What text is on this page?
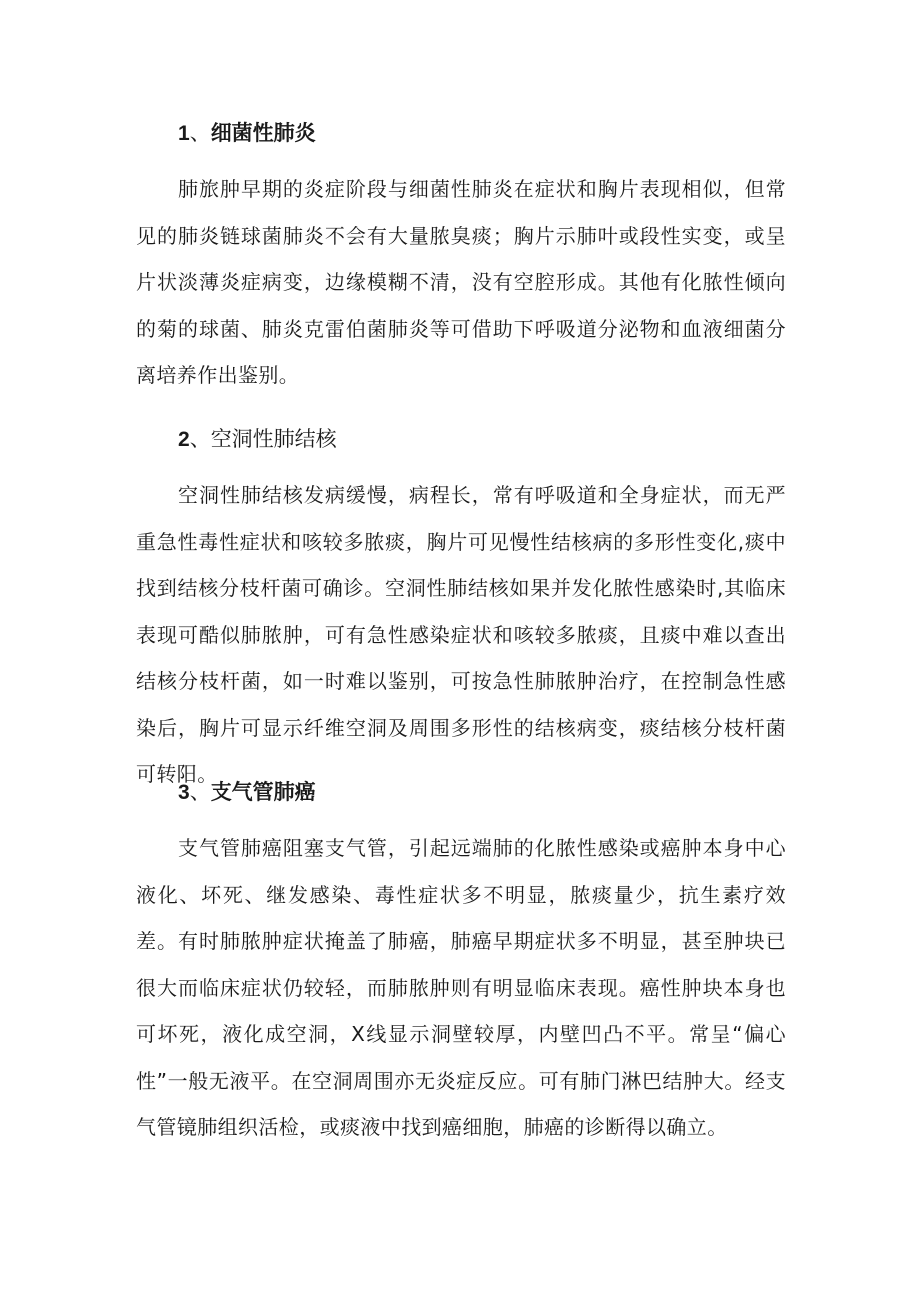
1、细菌性肺炎

肺旅肿早期的炎症阶段与细菌性肺炎在症状和胸片表现相似，但常见的肺炎链球菌肺炎不会有大量脓臭痰；胸片示肺叶或段性实变，或呈片状淡薄炎症病变，边缘模糊不清，没有空腔形成。其他有化脓性倾向的菊的球菌、肺炎克雷伯菌肺炎等可借助下呼吸道分泌物和血液细菌分离培养作出鉴别。

2、空洞性肺结核

空洞性肺结核发病缓慢，病程长，常有呼吸道和全身症状，而无严重急性毒性症状和咳较多脓痰，胸片可见慢性结核病的多形性变化,痰中找到结核分枝杆菌可确诊。空洞性肺结核如果并发化脓性感染时,其临床表现可酷似肺脓肿，可有急性感染症状和咳较多脓痰，且痰中难以查出结核分枝杆菌，如一时难以鉴别，可按急性肺脓肿治疗，在控制急性感染后，胸片可显示纤维空洞及周围多形性的结核病变，痰结核分枝杆菌可转阳。

3、支气管肺癌

支气管肺癌阻塞支气管，引起远端肺的化脓性感染或癌肿本身中心液化、坏死、继发感染、毒性症状多不明显，脓痰量少，抗生素疗效差。有时肺脓肿症状掩盖了肺癌，肺癌早期症状多不明显，甚至肿块已很大而临床症状仍较轻，而肺脓肿则有明显临床表现。癌性肿块本身也可坏死，液化成空洞，X线显示洞壁较厚，内壁凹凸不平。常呈“偏心性”一般无液平。在空洞周围亦无炎症反应。可有肺门淋巴结肿大。经支气管镜肺组织活检，或痰液中找到癌细胞，肺癌的诊断得以确立。
